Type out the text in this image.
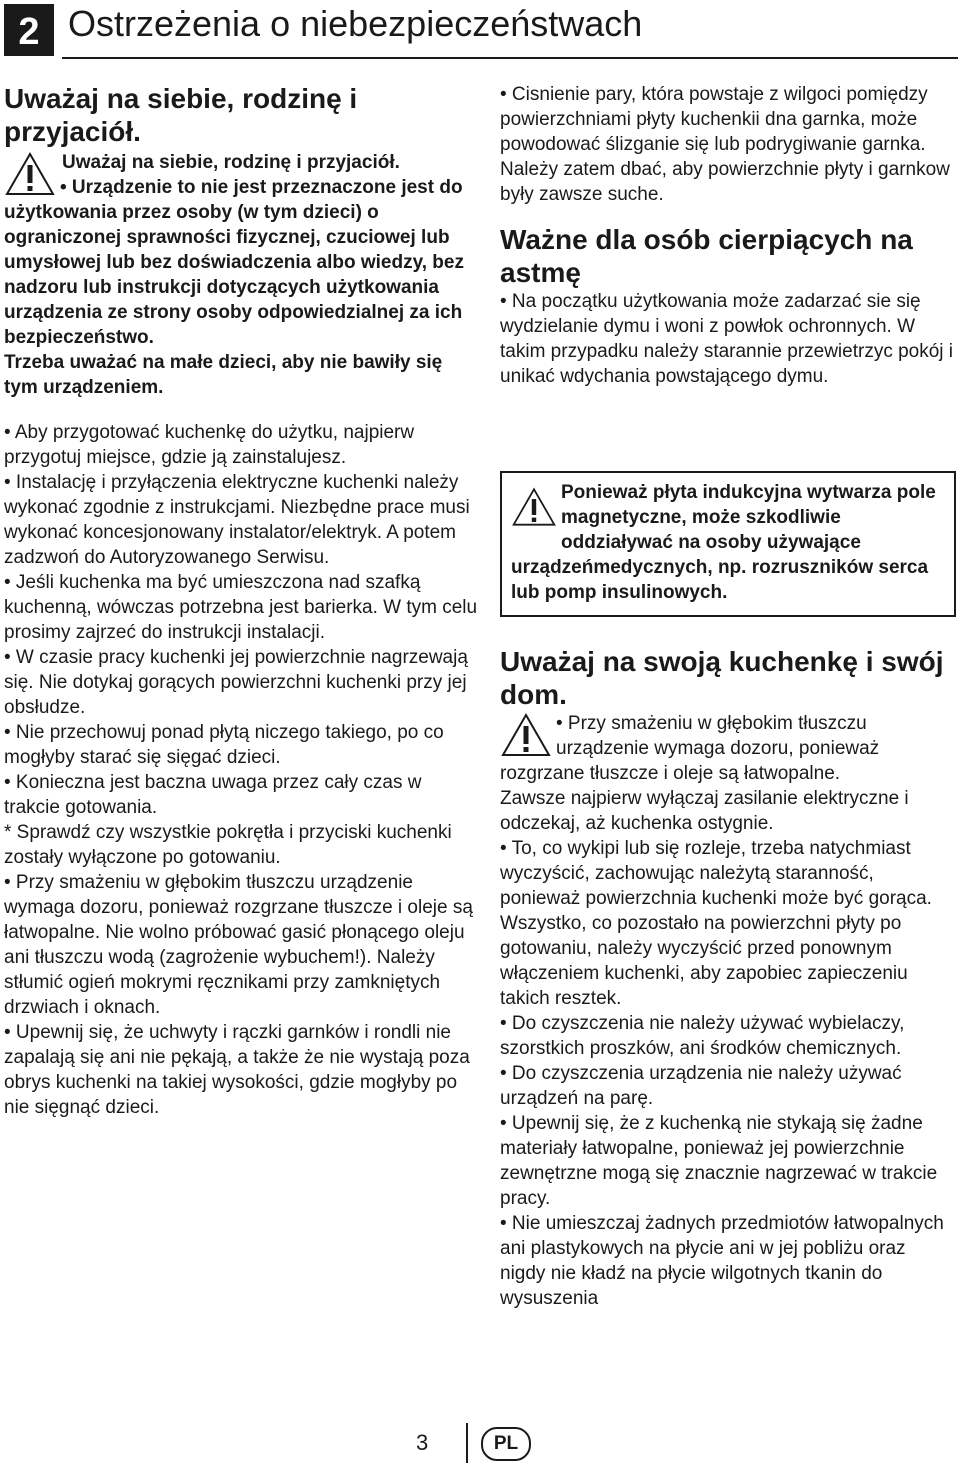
2 Ostrzeżenia o niebezpieczeństwach
Uważaj na siebie, rodzinę i przyjaciół.

Uważaj na siebie, rodzinę i przyjaciół.

• Urządzenie to nie jest przeznaczone jest do użytkowania przez osoby (w tym dzieci) o ograniczonej sprawności fizycznej, czuciowej lub umysłowej lub bez doświadczenia albo wiedzy, bez nadzoru lub instrukcji dotyczących użytkowania urządzenia ze strony osoby odpowiedzialnej za ich bezpieczeństwo.

Trzeba uważać na małe dzieci, aby nie bawiły się tym urządzeniem.

• Aby przygotować kuchenkę do użytku, najpierw przygotuj miejsce, gdzie ją zainstalujesz.

• Instalację i przyłączenia elektryczne kuchenki należy wykonać zgodnie z instrukcjami. Niezbędne prace musi wykonać koncesjonowany instalator/elektryk. A potem zadzwoń do Autoryzowanego Serwisu.

• Jeśli kuchenka ma być umieszczona nad szafką kuchenną, wówczas potrzebna jest barierka. W tym celu prosimy zajrzeć do instrukcji instalacji.

• W czasie pracy kuchenki jej powierzchnie nagrzewają się. Nie dotykaj gorących powierzchni kuchenki przy jej obsłudze.

• Nie przechowuj ponad płytą niczego takiego, po co mogłyby starać się sięgać dzieci.

• Konieczna jest baczna uwaga przez cały czas w trakcie gotowania.

* Sprawdź czy wszystkie pokrętła i przyciski kuchenki zostały wyłączone po gotowaniu.

• Przy smażeniu w głębokim tłuszczu urządzenie wymaga dozoru, ponieważ rozgrzane tłuszcze i oleje są łatwopalne. Nie wolno próbować gasić płonącego oleju ani tłuszczu wodą (zagrożenie wybuchem!). Należy stłumić ogień mokrymi ręcznikami przy zamkniętych drzwiach i oknach.

• Upewnij się, że uchwyty i rączki garnków i rondli nie zapalają się ani nie pękają, a także że nie wystają poza obrys kuchenki na takiej wysokości, gdzie mogłyby po nie sięgnąć dzieci.

• Cisnienie pary, która powstaje z wilgoci pomiędzy powierzchniami płyty kuchenkii dna garnka, może powodować ślizganie się lub podrygiwanie garnka. Należy zatem dbać, aby powierzchnie płyty i garnkow były zawsze suche.

Ważne dla osób cierpiących na astmę

• Na początku użytkowania może zadarzać sie się wydzielanie dymu i woni z powłok ochronnych. W takim przypadku należy starannie przewietrzyc pokój i unikać wdychania powstającego dymu.

Ponieważ płyta indukcyjna wytwarza pole magnetyczne, może szkodliwie oddziaływać na osoby używające urządzeńmedycznych, np. rozruszników serca lub pomp insulinowych.
Uważaj na swoją kuchenkę i swój dom.

• Przy smażeniu w głębokim tłuszczu urządzenie wymaga dozoru, ponieważ rozgrzane tłuszcze i oleje są łatwopalne.

Zawsze najpierw wyłączaj zasilanie elektryczne i odczekaj, aż kuchenka ostygnie.

• To, co wykipi lub się rozleje, trzeba natychmiast wyczyścić, zachowując należytą staranność, ponieważ powierzchnia kuchenki może być gorąca. Wszystko, co pozostało na powierzchni płyty po gotowaniu, należy wyczyścić przed ponownym włączeniem kuchenki, aby zapobiec zapieczeniu takich resztek.

• Do czyszczenia nie należy używać wybielaczy, szorstkich proszków, ani środków chemicznych.

• Do czyszczenia urządzenia nie należy używać urządzeń na parę.

• Upewnij się, że z kuchenką nie stykają się żadne materiały łatwopalne, ponieważ jej powierzchnie zewnętrzne mogą się znacznie nagrzewać w trakcie pracy.

• Nie umieszczaj żadnych przedmiotów łatwopalnych ani plastykowych na płycie ani w jej pobliżu oraz nigdy nie kładź na płycie wilgotnych tkanin do wysuszenia

3	PL
